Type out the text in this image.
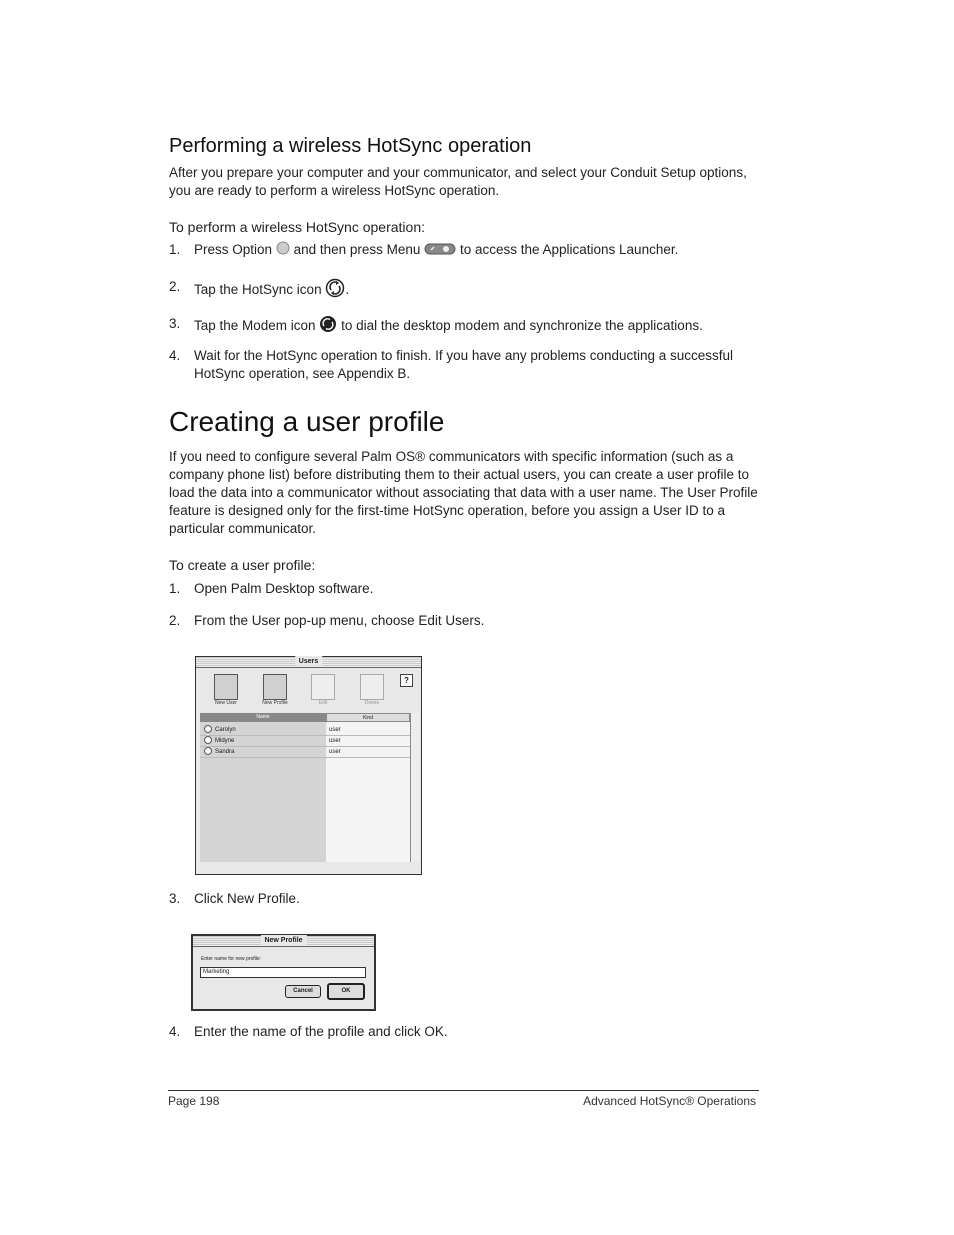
Performing a wireless HotSync operation
After you prepare your computer and your communicator, and select your Conduit Setup options, you are ready to perform a wireless HotSync operation.
To perform a wireless HotSync operation:
1. Press Option and then press Menu	to access the Applications Launcher.
2. Tap the HotSync icon .
3. Tap the Modem icon to dial the desktop modem and synchronize the applications.
4. Wait for the HotSync operation to finish. If you have any problems conducting a successful HotSync operation, see Appendix B.
Creating a user profile
If you need to configure several Palm OS® communicators with specific information (such as a company phone list) before distributing them to their actual users, you can create a user profile to load the data into a communicator without associating that data with a user name. The User Profile feature is designed only for the first-time HotSync operation, before you assign a User ID to a particular communicator.
To create a user profile:
1. Open Palm Desktop software.
2. From the User pop-up menu, choose Edit Users.
Users
New User	New Profile	Edit	Delete
?
Name	Kind
Carolyn	user
Midyne	user
Sandra	user
3. Click New Profile.
New Profile
Enter name for new profile:
Marketing
Cancel	OK
4. Enter the name of the profile and click OK.
Page 198	Advanced HotSync® Operations
